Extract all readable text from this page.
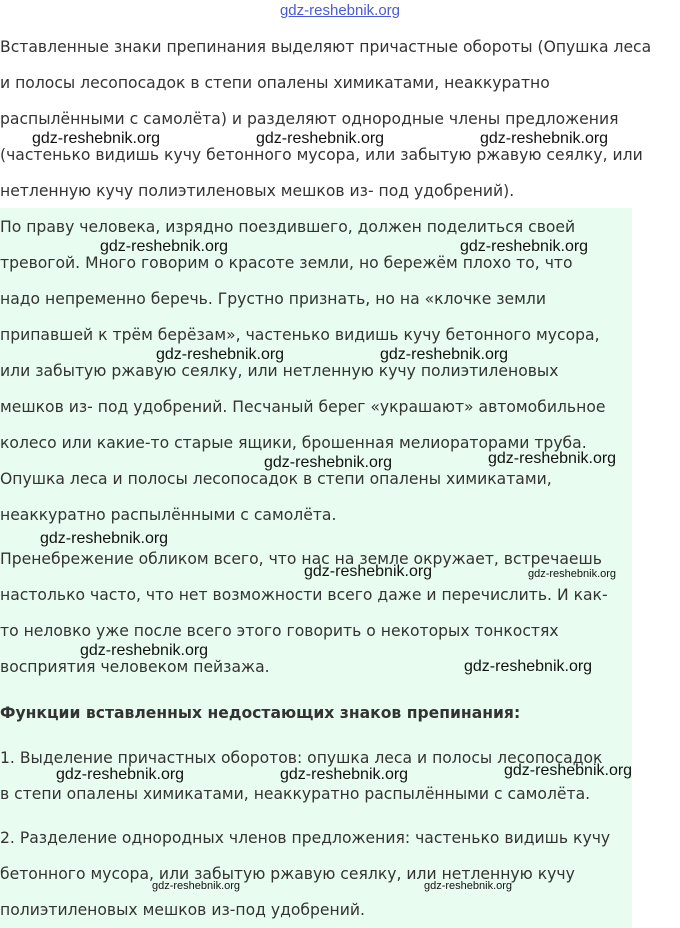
gdz-reshebnik.org
Вставленные знаки препинания выделяют причастные обороты (Опушка леса
и полосы лесопосадок в степи опалены химикатами, неаккуратно
распылёнными с самолёта) и разделяют однородные члены предложения
(частенько видишь кучу бетонного мусора, или забытую ржавую сеялку, или
нетленную кучу полиэтиленовых мешков из- под удобрений).
По праву человека, изрядно поездившего, должен поделиться своей
тревогой. Много говорим о красоте земли, но бережём плохо то, что
надо непременно беречь. Грустно признать, но на «клочке земли
припавшей к трём берёзам», частенько видишь кучу бетонного мусора,
или забытую ржавую сеялку, или нетленную кучу полиэтиленовых
мешков из- под удобрений. Песчаный берег «украшают» автомобильное
колесо или какие-то старые ящики, брошенная мелиораторами труба.
Опушка леса и полосы лесопосадок в степи опалены химикатами,
неаккуратно распылёнными с самолёта.
Пренебрежение обликом всего, что нас на земле окружает, встречаешь
настолько часто, что нет возможности всего даже и перечислить. И как-
то неловко уже после всего этого говорить о некоторых тонкостях
восприятия человеком пейзажа.
Функции вставленных недостающих знаков препинания:
1. Выделение причастных оборотов: опушка леса и полосы лесопосадок
в степи опалены химикатами, неаккуратно распылёнными с самолёта.
2. Разделение однородных членов предложения: частенько видишь кучу
бетонного мусора, или забытую ржавую сеялку, или нетленную кучу
полиэтиленовых мешков из-под удобрений.
gdz-reshebnik.org	gdz-reshebnik.org	gdz-reshebnik.org
gdz-reshebnik.org	gdz-reshebnik.org
gdz-reshebnik.org	gdz-reshebnik.org
gdz-reshebnik.org	gdz-reshebnik.org
gdz-reshebnik.org
gdz-reshebnik.org	gdz-reshebnik.org
gdz-reshebnik.org
gdz-reshebnik.org
gdz-reshebnik.org	gdz-reshebnik.org	gdz-reshebnik.org
gdz-reshebnik.org	gdz-reshebnik.org
